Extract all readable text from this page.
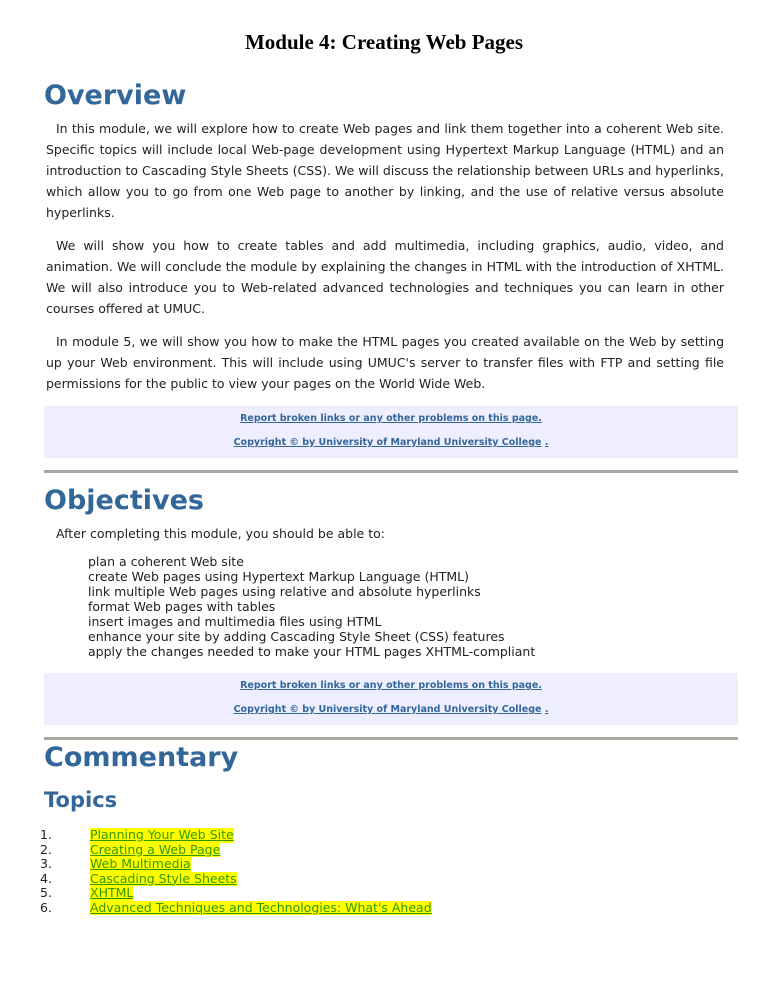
Module 4: Creating Web Pages
Overview

In this module, we will explore how to create Web pages and link them together into a coherent Web site. Specific topics will include local Web-page development using Hypertext Markup Language (HTML) and an introduction to Cascading Style Sheets (CSS). We will discuss the relationship between URLs and hyperlinks, which allow you to go from one Web page to another by linking, and the use of relative versus absolute hyperlinks.

We will show you how to create tables and add multimedia, including graphics, audio, video, and animation. We will conclude the module by explaining the changes in HTML with the introduction of XHTML. We will also introduce you to Web-related advanced technologies and techniques you can learn in other courses offered at UMUC.

In module 5, we will show you how to make the HTML pages you created available on the Web by setting up your Web environment. This will include using UMUC's server to transfer files with FTP and setting file permissions for the public to view your pages on the World Wide Web.

Report broken links or any other problems on this page.
Copyright © by University of Maryland University College .
Objectives

After completing this module, you should be able to:

plan a coherent Web site
create Web pages using Hypertext Markup Language (HTML)
link multiple Web pages using relative and absolute hyperlinks
format Web pages with tables
insert images and multimedia files using HTML
enhance your site by adding Cascading Style Sheet (CSS) features
apply the changes needed to make your HTML pages XHTML-compliant
Report broken links or any other problems on this page.
Copyright © by University of Maryland University College .
Commentary
Topics
1.	Planning Your Web Site
2.	Creating a Web Page
3.	Web Multimedia
4.	Cascading Style Sheets
5.	XHTML
6.	Advanced Techniques and Technologies: What's Ahead
